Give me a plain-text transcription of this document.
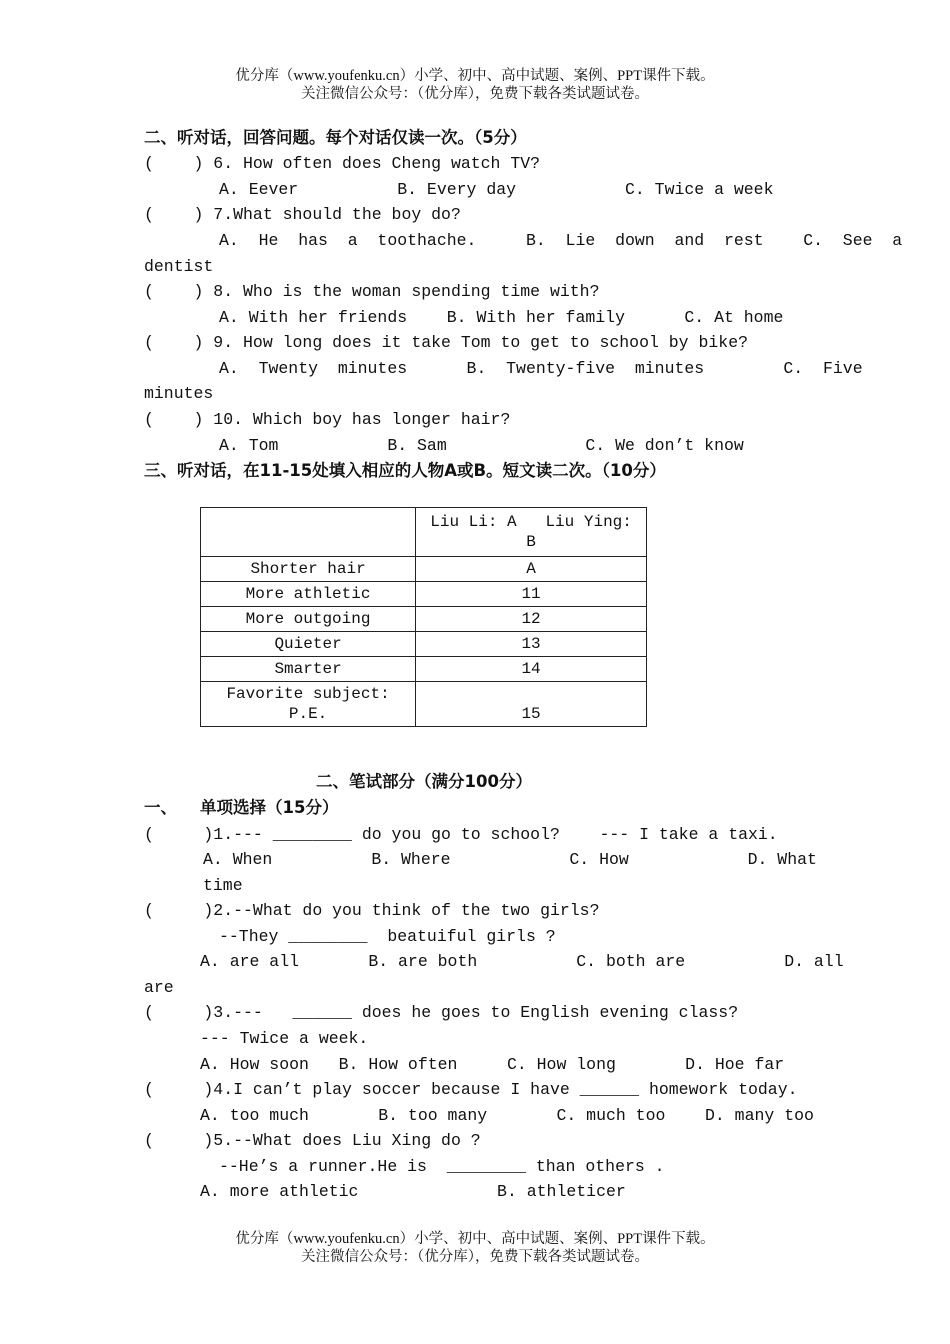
优分库（www.youfenku.cn）小学、初中、高中试题、案例、PPT课件下载。
关注微信公众号：（优分库），免费下载各类试题试卷。
二、听对话，回答问题。每个对话仅读一次。（5分）
(    ) 6. How often does Cheng watch TV?
A. Eever          B. Every day           C. Twice a week
(    ) 7.What should the boy do?
A.  He  has  a  toothache.     B.  Lie  down  and  rest    C.  See  a
dentist
(    ) 8. Who is the woman spending time with?
A. With her friends    B. With her family      C. At home
(    ) 9. How long does it take Tom to get to school by bike?
A.  Twenty  minutes      B.  Twenty-five  minutes        C.  Five
minutes
(    ) 10. Which boy has longer hair?
A. Tom           B. Sam              C. We don’t know
三、听对话，在11-15处填入相应的人物A或B。短文读二次。（10分）

	Liu Li: A   Liu Ying:
B

Shorter hair	A
More athletic	11
More outgoing	12
Quieter	13
Smarter	14

Favorite subject:
P.E.	15
二、笔试部分（满分100分）
一、    单项选择（15分）
(     )1.--- ________ do you go to school?    --- I take a taxi.
A. When          B. Where            C. How            D. What
time
(     )2.--What do you think of the two girls?
--They ________  beatuiful girls ?
A. are all       B. are both          C. both are          D. all
are
(     )3.---   ______ does he goes to English evening class?
--- Twice a week.
A. How soon   B. How often     C. How long       D. Hoe far
(     )4.I can’t play soccer because I have ______ homework today.
A. too much       B. too many       C. much too    D. many too
(     )5.--What does Liu Xing do ?
--He’s a runner.He is  ________ than others .
A. more athletic              B. athleticer
优分库（www.youfenku.cn）小学、初中、高中试题、案例、PPT课件下载。
关注微信公众号：（优分库），免费下载各类试题试卷。
